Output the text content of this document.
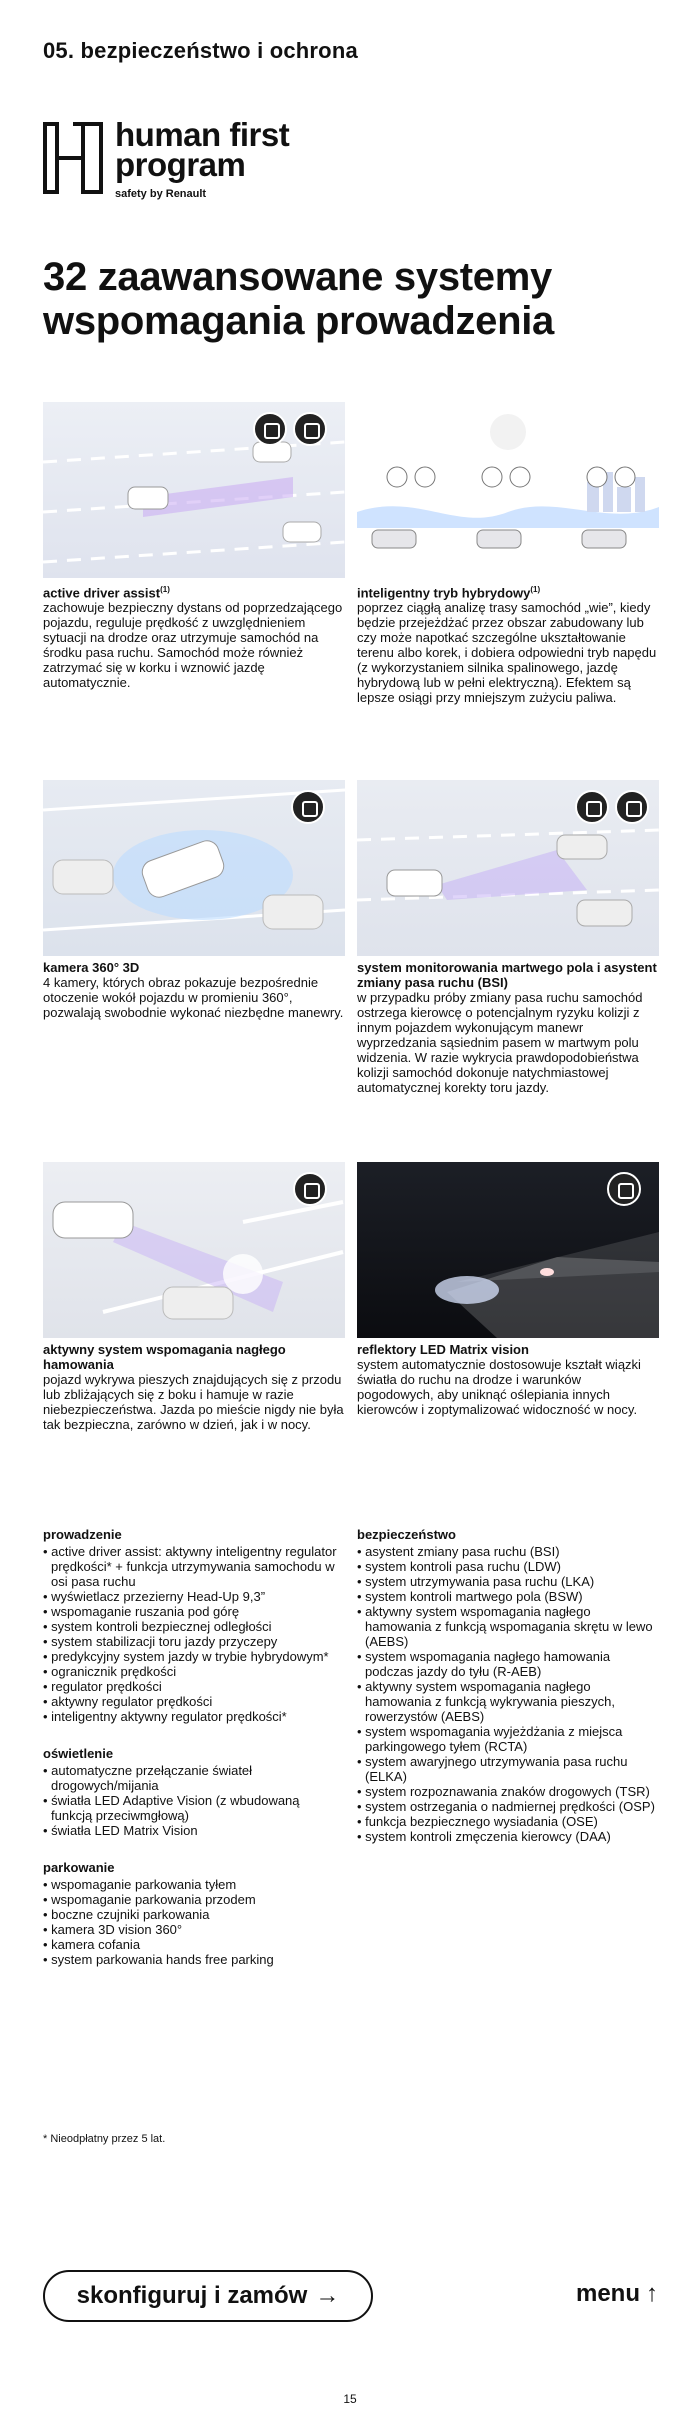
05. bezpieczeństwo i ochrona
human first
program
safety by Renault
32 zaawansowane systemy wspomagania prowadzenia
active driver assist$^{(1)}$
zachowuje bezpieczny dystans od poprzedzającego pojazdu, reguluje prędkość z uwzględnieniem sytuacji na drodze oraz utrzymuje samochód na środku pasa ruchu. Samochód może również zatrzymać się w korku i wznowić jazdę automatycznie.
inteligentny tryb hybrydowy$^{(1)}$
poprzez ciągłą analizę trasy samochód „wie”, kiedy będzie przejeżdżać przez obszar zabudowany lub czy może napotkać szczególne ukształtowanie terenu albo korek, i dobiera odpowiedni tryb napędu (z wykorzystaniem silnika spalinowego, jazdę hybrydową lub w pełni elektryczną). Efektem są lepsze osiągi przy mniejszym zużyciu paliwa.
kamera 360° 3D
4 kamery, których obraz pokazuje bezpośrednie otoczenie wokół pojazdu w promieniu 360°, pozwalają swobodnie wykonać niezbędne manewry.
system monitorowania martwego pola i asystent zmiany pasa ruchu (BSI)
w przypadku próby zmiany pasa ruchu samochód ostrzega kierowcę o potencjalnym ryzyku kolizji z innym pojazdem wykonującym manewr wyprzedzania sąsiednim pasem w martwym polu widzenia. W razie wykrycia prawdopodobieństwa kolizji samochód dokonuje natychmiastowej automatycznej korekty toru jazdy.
aktywny system wspomagania nagłego hamowania
pojazd wykrywa pieszych znajdujących się z przodu lub zbliżających się z boku i hamuje w razie niebezpieczeństwa. Jazda po mieście nigdy nie była tak bezpieczna, zarówno w dzień, jak i w nocy.
reflektory LED Matrix vision
system automatycznie dostosowuje kształt wiązki światła do ruchu na drodze i warunków pogodowych, aby uniknąć oślepiania innych kierowców i zoptymalizować widoczność w nocy.
prowadzenie
• active driver assist: aktywny inteligentny regulator prędkości* + funkcja utrzymywania samochodu w osi pasa ruchu
• wyświetlacz przezierny Head-Up 9,3”
• wspomaganie ruszania pod górę
• system kontroli bezpiecznej odległości
• system stabilizacji toru jazdy przyczepy
• predykcyjny system jazdy w trybie hybrydowym*
• ogranicznik prędkości
• regulator prędkości
• aktywny regulator prędkości
• inteligentny aktywny regulator prędkości*
oświetlenie
• automatyczne przełączanie świateł drogowych/mijania
• światła LED Adaptive Vision (z wbudowaną funkcją przeciwmgłową)
• światła LED Matrix Vision
parkowanie
• wspomaganie parkowania tyłem
• wspomaganie parkowania przodem
• boczne czujniki parkowania
• kamera 3D vision 360°
• kamera cofania
• system parkowania hands free parking
bezpieczeństwo
• asystent zmiany pasa ruchu (BSI)
• system kontroli pasa ruchu (LDW)
• system utrzymywania pasa ruchu (LKA)
• system kontroli martwego pola (BSW)
• aktywny system wspomagania nagłego hamowania z funkcją wspomagania skrętu w lewo (AEBS)
• system wspomagania nagłego hamowania podczas jazdy do tyłu (R-AEB)
• aktywny system wspomagania nagłego hamowania z funkcją wykrywania pieszych, rowerzystów (AEBS)
• system wspomagania wyjeżdżania z miejsca parkingowego tyłem (RCTA)
• system awaryjnego utrzymywania pasa ruchu (ELKA)
• system rozpoznawania znaków drogowych (TSR)
• system ostrzegania o nadmiernej prędkości (OSP)
• funkcja bezpiecznego wysiadania (OSE)
• system kontroli zmęczenia kierowcy (DAA)
* Nieodpłatny przez 5 lat.
skonfiguruj i zamów →	menu ↑
15
